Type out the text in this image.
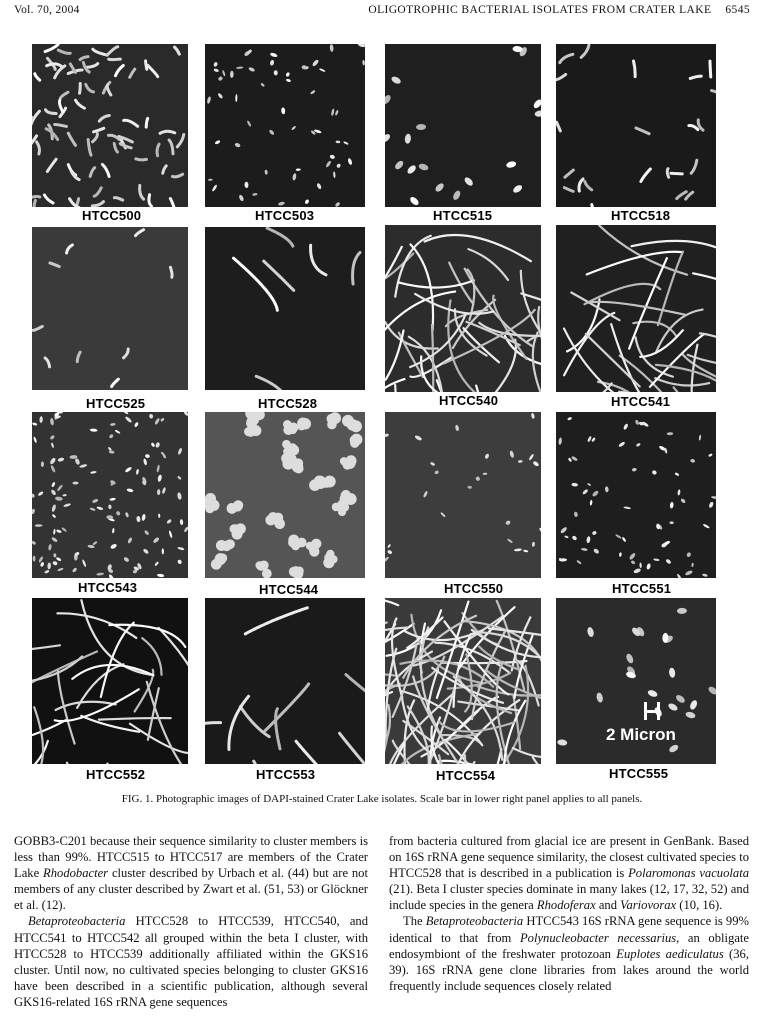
Vol. 70, 2004	OLIGOTROPHIC BACTERIAL ISOLATES FROM CRATER LAKE 6545
2 Micron
HTCC500	HTCC503	HTCC515	HTCC518
HTCC525	HTCC528	HTCC540	HTCC541
HTCC543	HTCC544	HTCC550	HTCC551
HTCC552	HTCC553	HTCC554	HTCC555
FIG. 1. Photographic images of DAPI-stained Crater Lake isolates. Scale bar in lower right panel applies to all panels.

GOBB3-C201 because their sequence similarity to cluster members is less than 99%. HTCC515 to HTCC517 are members of the Crater Lake Rhodobacter cluster described by Urbach et al. (44) but are not members of any cluster described by Zwart et al. (51, 53) or Glöckner et al. (12).

Betaproteobacteria HTCC528 to HTCC539, HTCC540, and HTCC541 to HTCC542 all grouped within the beta I cluster, with HTCC528 to HTCC539 additionally affiliated within the GKS16 cluster. Until now, no cultivated species belonging to cluster GKS16 have been described in a scientific publication, although several GKS16-related 16S rRNA gene sequences

from bacteria cultured from glacial ice are present in GenBank. Based on 16S rRNA gene sequence similarity, the closest cultivated species to HTCC528 that is described in a publication is Polaromonas vacuolata (21). Beta I cluster species dominate in many lakes (12, 17, 32, 52) and include species in the genera Rhodoferax and Variovorax (10, 16).

The Betaproteobacteria HTCC543 16S rRNA gene sequence is 99% identical to that from Polynucleobacter necessarius, an obligate endosymbiont of the freshwater protozoan Euplotes aediculatus (36, 39). 16S rRNA gene clone libraries from lakes around the world frequently include sequences closely related
